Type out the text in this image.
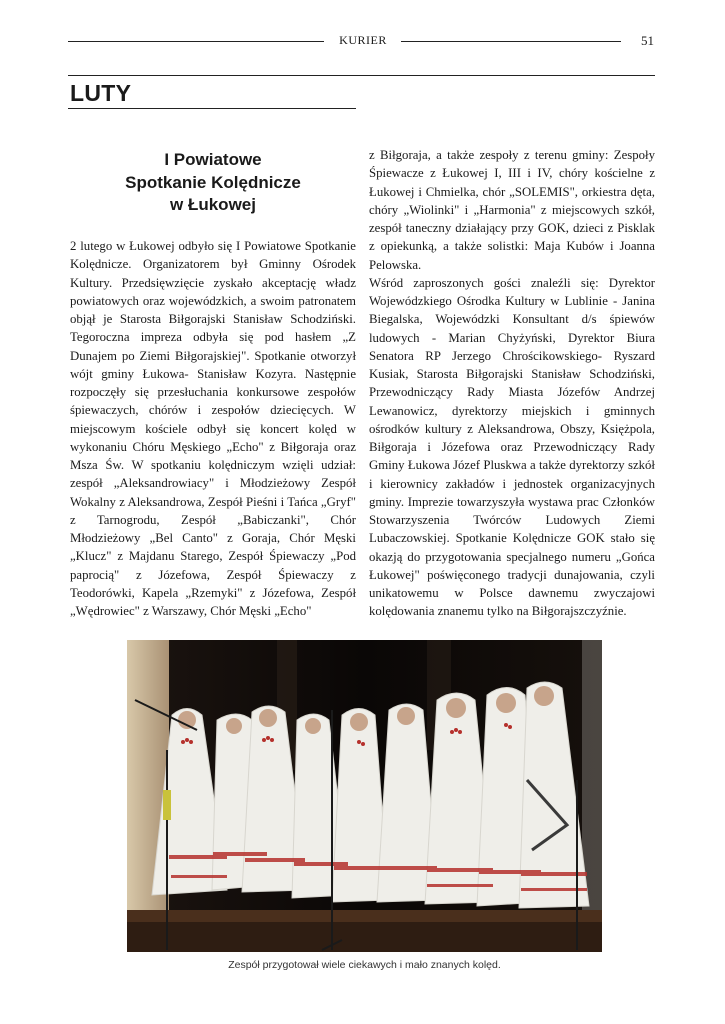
KURIER	51
LUTY
I Powiatowe
Spotkanie Kolędnicze
w Łukowej

2 lutego w Łukowej odbyło się I Powiatowe Spotkanie Kolędnicze. Organizatorem był Gminny Ośrodek Kultury. Przedsięwzięcie zyskało akceptację władz powiatowych oraz wojewódzkich, a swoim patronatem objął je Starosta Biłgorajski Stanisław Schodziński. Tegoroczna impreza odbyła się pod hasłem „Z Dunajem po Ziemi Biłgorajskiej". Spotkanie otworzył wójt gminy Łukowa- Stanisław Kozyra. Następnie rozpoczęły się przesłuchania konkursowe zespołów śpiewaczych, chórów i zespołów dziecięcych. W miejscowym kościele odbył się koncert kolęd w wykonaniu Chóru Męskiego „Echo" z Biłgoraja oraz Msza Św. W spotkaniu kolędniczym wzięli udział: zespół „Aleksandrowiacy" i Młodzieżowy Zespół Wokalny z Aleksandrowa, Zespół Pieśni i Tańca „Gryf" z Tarnogrodu, Zespół „Babiczanki", Chór Młodzieżowy „Bel Canto" z Goraja, Chór Męski „Klucz" z Majdanu Starego, Zespół Śpiewaczy „Pod paprocią" z Józefowa, Zespół Śpiewaczy z Teodorówki, Kapela „Rzemyki" z Józefowa, Zespół „Wędrowiec" z Warszawy, Chór Męski „Echo"

z Biłgoraja, a także zespoły z terenu gminy: Zespoły Śpiewacze z Łukowej I, III i IV, chóry kościelne z Łukowej i Chmielka, chór „SOLEMIS", orkiestra dęta, chóry „Wiolinki" i „Harmonia" z miejscowych szkół, zespół taneczny działający przy GOK, dzieci z Pisklak z opiekunką, a także solistki: Maja Kubów i Joanna Pelowska.

Wśród zaproszonych gości znaleźli się: Dyrektor Wojewódzkiego Ośrodka Kultury w Lublinie - Janina Biegalska, Wojewódzki Konsultant d/s śpiewów ludowych - Marian Chyżyński, Dyrektor Biura Senatora RP Jerzego Chrościkowskiego- Ryszard Kusiak, Starosta Biłgorajski Stanisław Schodziński, Przewodniczący Rady Miasta Józefów Andrzej Lewanowicz, dyrektorzy miejskich i gminnych ośrodków kultury z Aleksandrowa, Obszy, Księżpola, Biłgoraja i Józefowa oraz Przewodniczący Rady Gminy Łukowa Józef Pluskwa a także dyrektorzy szkół i kierownicy zakładów i jednostek organizacyjnych gminy. Imprezie towarzyszyła wystawa prac Członków Stowarzyszenia Twórców Ludowych Ziemi Lubaczowskiej. Spotkanie Kolędnicze GOK stało się okazją do przygotowania specjalnego numeru „Gońca Łukowej" poświęconego tradycji dunajowania, czyli unikatowemu w Polsce dawnemu zwyczajowi kolędowania znanemu tylko na Biłgorajszczyźnie.

Zespół przygotował wiele ciekawych i mało znanych kolęd.
